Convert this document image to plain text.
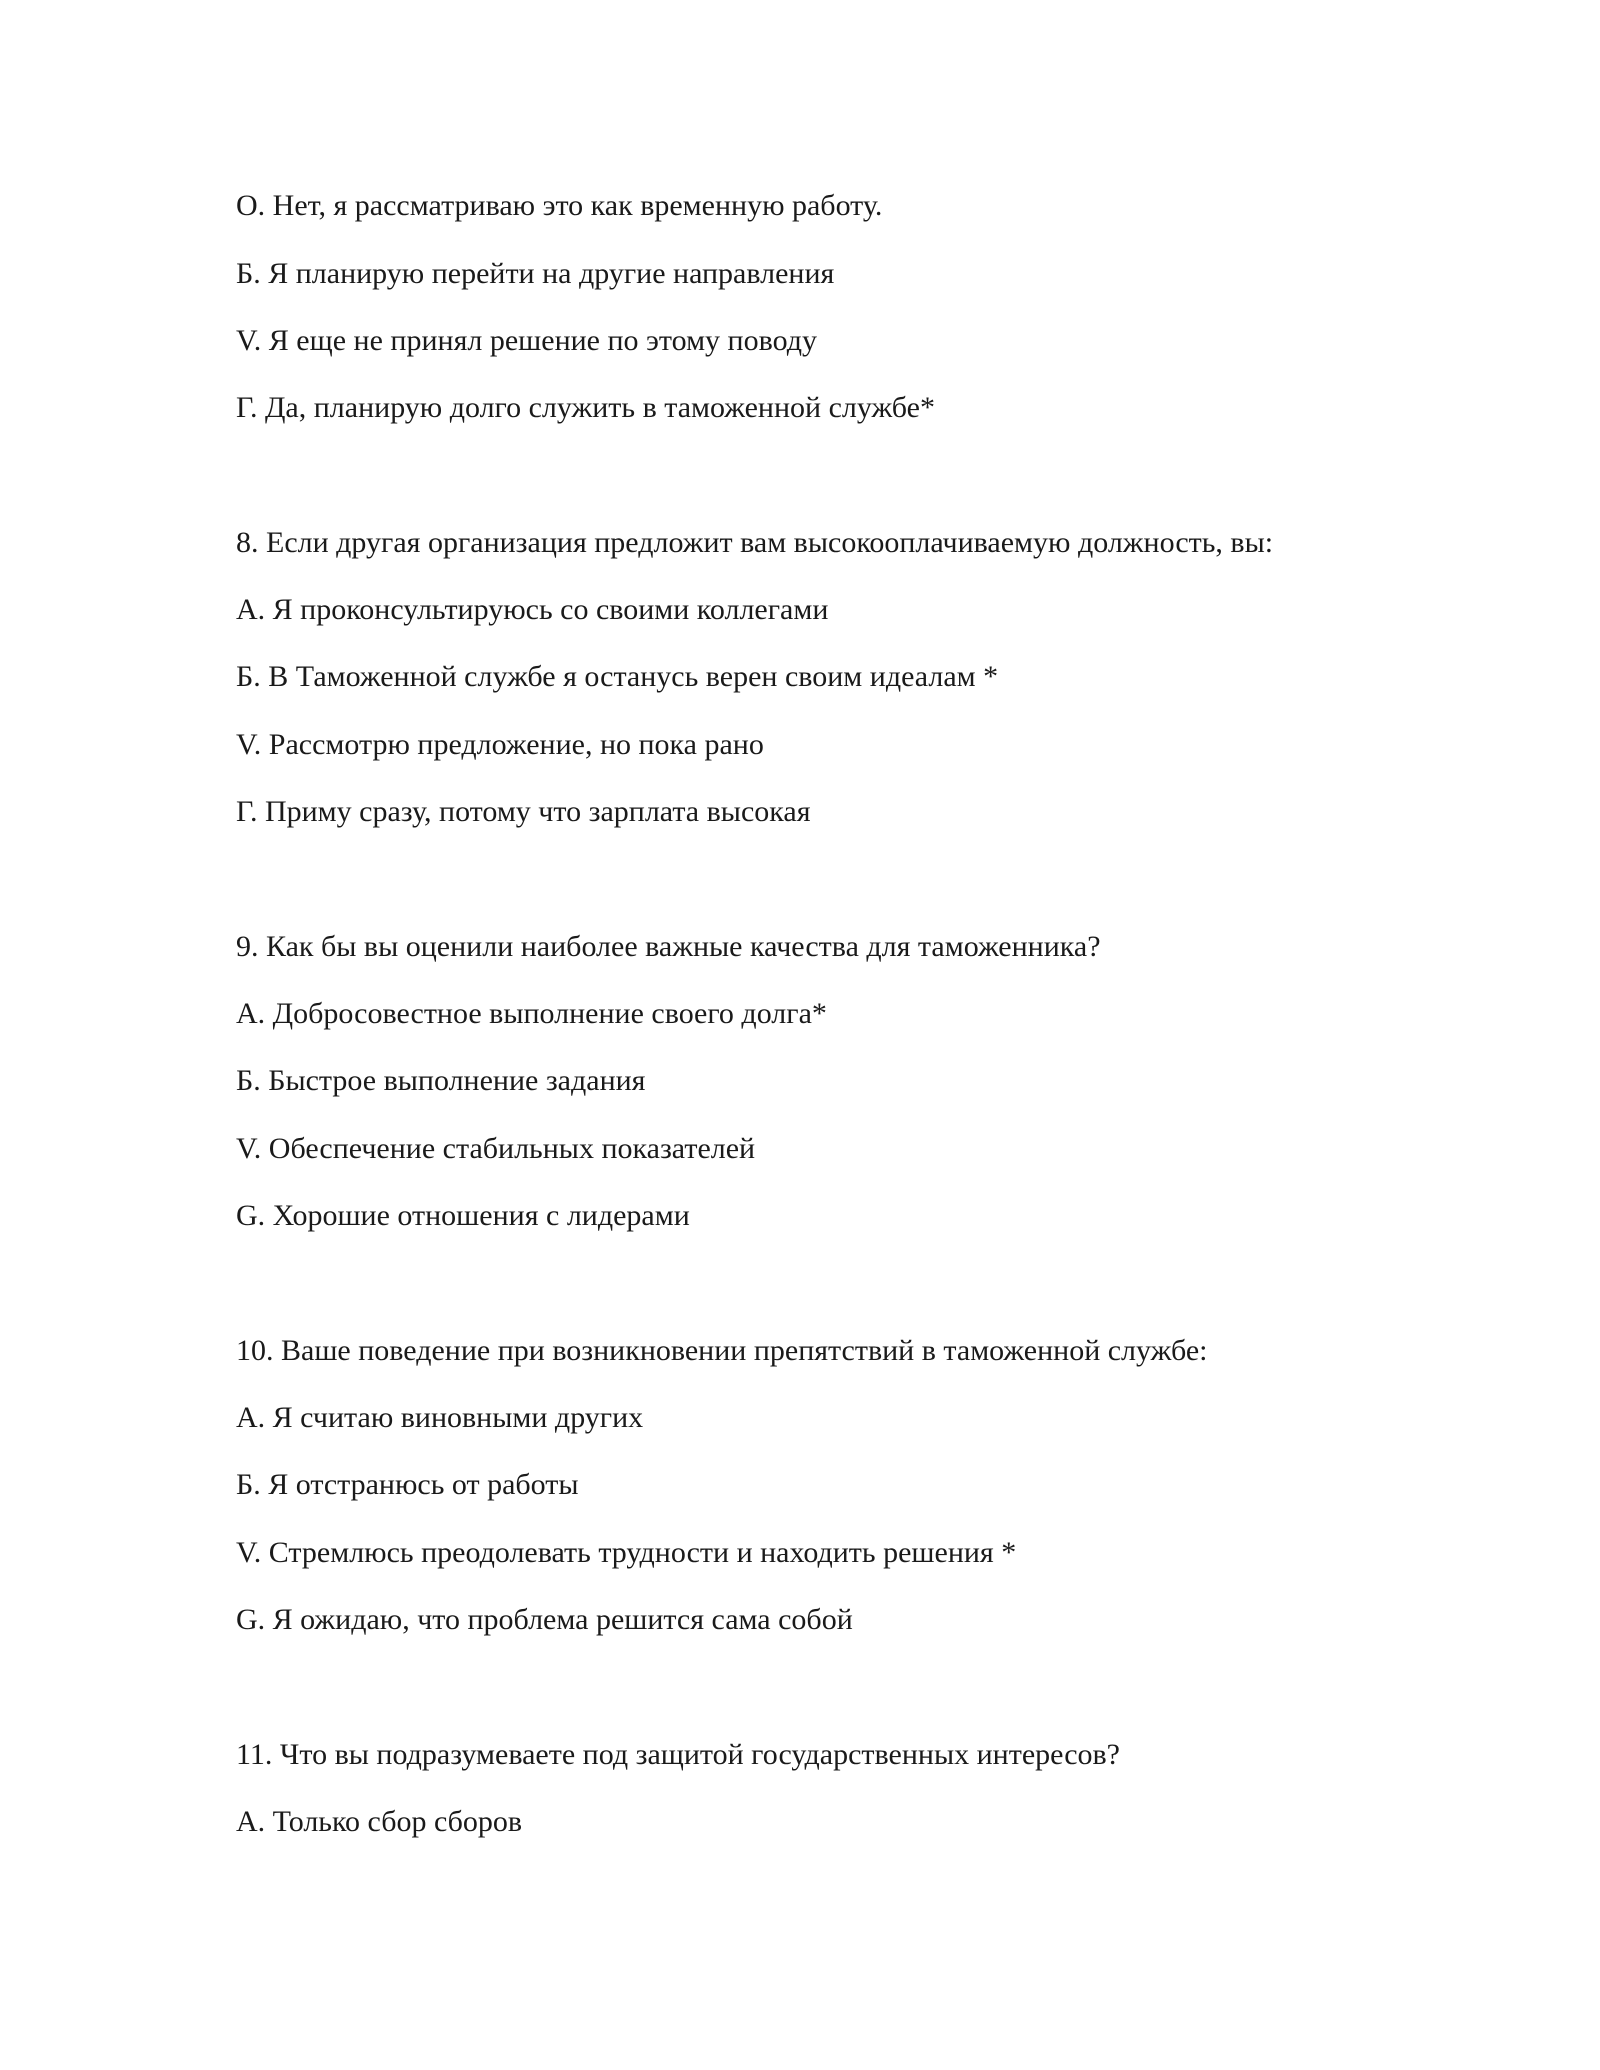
О. Нет, я рассматриваю это как временную работу.
Б. Я планирую перейти на другие направления
V. Я еще не принял решение по этому поводу
Г. Да, планирую долго служить в таможенной службе*
8. Если другая организация предложит вам высокооплачиваемую должность, вы:
А. Я проконсультируюсь со своими коллегами
Б. В Таможенной службе я останусь верен своим идеалам *
V. Рассмотрю предложение, но пока рано
Г. Приму сразу, потому что зарплата высокая
9. Как бы вы оценили наиболее важные качества для таможенника?
А. Добросовестное выполнение своего долга*
Б. Быстрое выполнение задания
V. Обеспечение стабильных показателей
G. Хорошие отношения с лидерами
10. Ваше поведение при возникновении препятствий в таможенной службе:
А. Я считаю виновными других
Б. Я отстранюсь от работы
V. Стремлюсь преодолевать трудности и находить решения *
G. Я ожидаю, что проблема решится сама собой
11. Что вы подразумеваете под защитой государственных интересов?
А. Только сбор сборов
